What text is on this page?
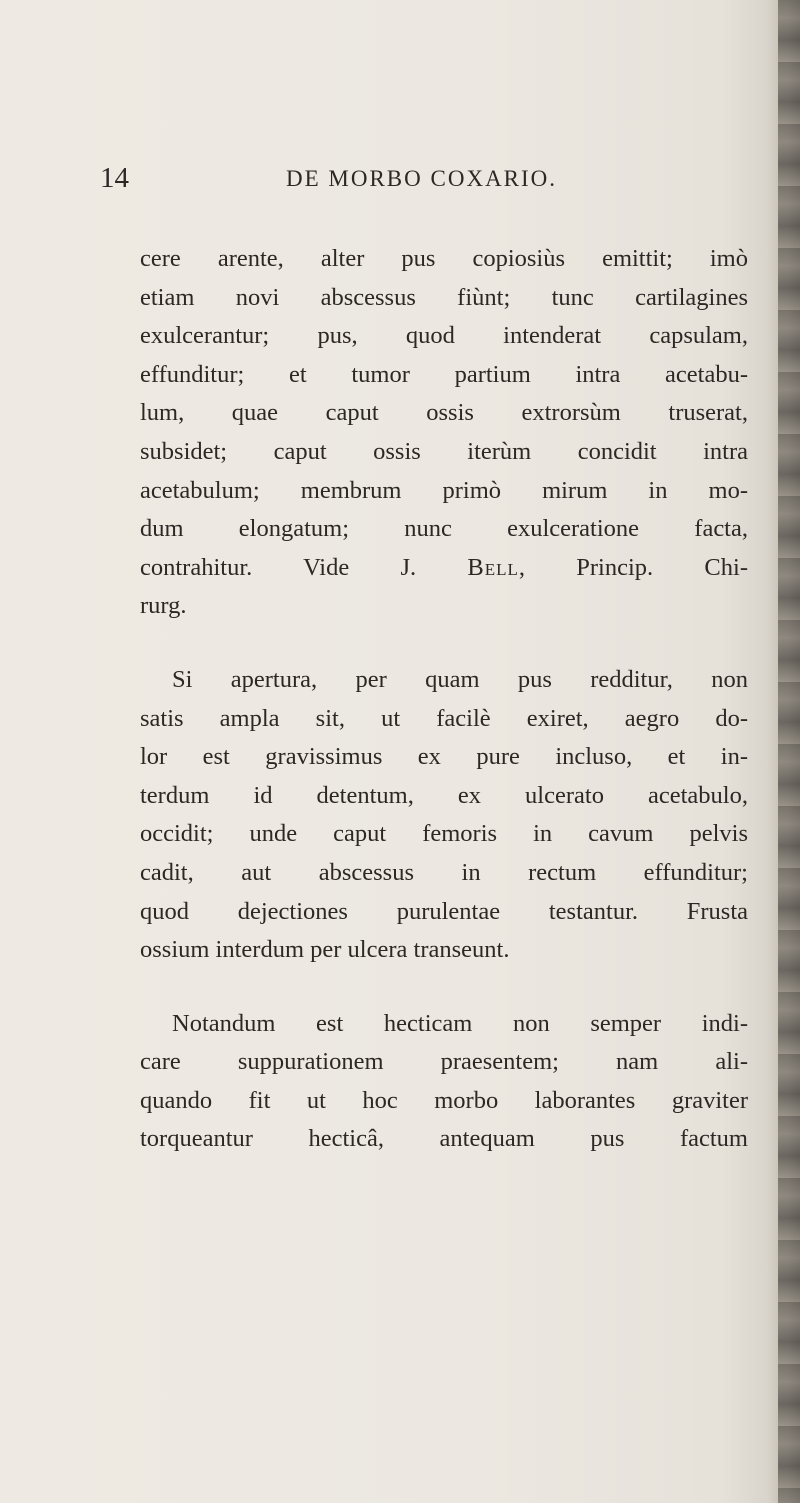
14	DE MORBO COXARIO.

cere arente, alter pus copiosiùs emittit; imò
etiam novi abscessus fiùnt; tunc cartilagines
exulcerantur; pus, quod intenderat capsulam,
effunditur; et tumor partium intra acetabu-
lum, quae caput ossis extrorsùm truserat,
subsidet; caput ossis iterùm concidit intra
acetabulum; membrum primò mirum in mo-
dum elongatum; nunc exulceratione facta,
contrahitur. Vide J. Bell, Princip. Chi-
rurg.

Si apertura, per quam pus redditur, non
satis ampla sit, ut facilè exiret, aegro do-
lor est gravissimus ex pure incluso, et in-
terdum id detentum, ex ulcerato acetabulo,
occidit; unde caput femoris in cavum pelvis
cadit, aut abscessus in rectum effunditur;
quod dejectiones purulentae testantur. Frusta
ossium interdum per ulcera transeunt.

Notandum est hecticam non semper indi-
care suppurationem praesentem; nam ali-
quando fit ut hoc morbo laborantes graviter
torqueantur hecticâ, antequam pus factum
